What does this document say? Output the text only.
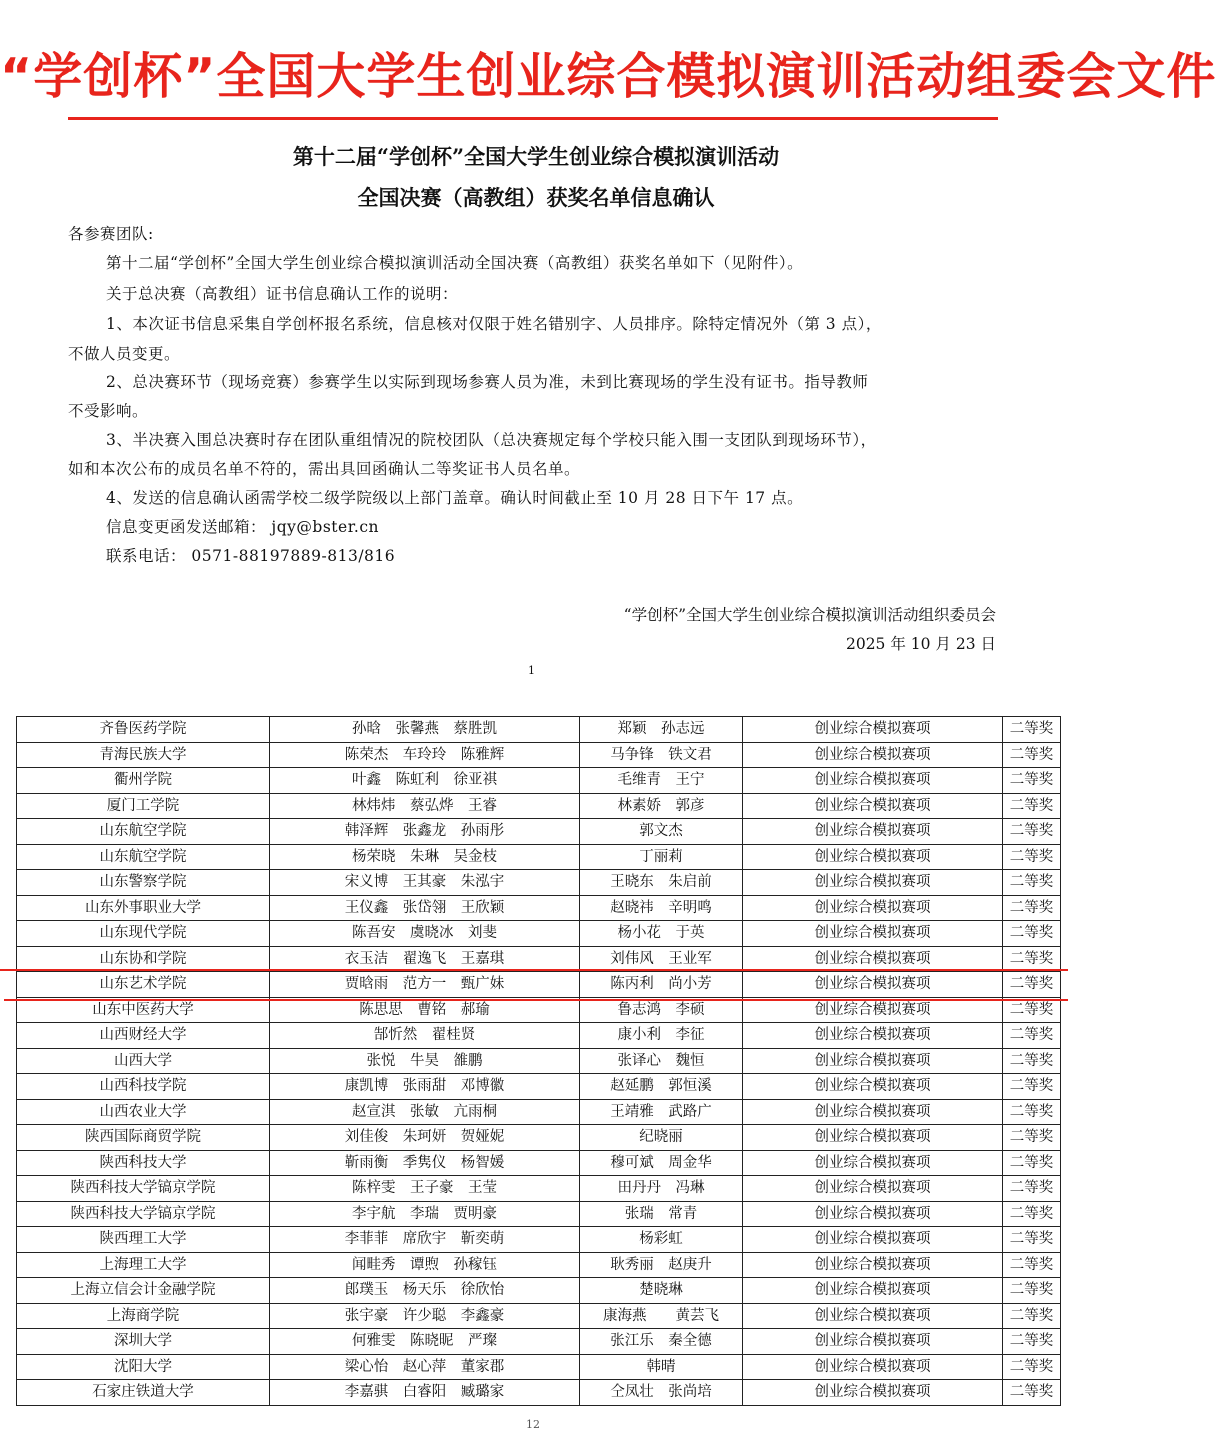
“学创杯”全国大学生创业综合模拟演训活动组委会文件
第十二届“学创杯”全国大学生创业综合模拟演训活动
全国决赛（高教组）获奖名单信息确认
各参赛团队:
第十二届“学创杯”全国大学生创业综合模拟演训活动全国决赛（高教组）获奖名单如下（见附件）。
关于总决赛（高教组）证书信息确认工作的说明：
1、本次证书信息采集自学创杯报名系统，信息核对仅限于姓名错别字、人员排序。除特定情况外（第 3 点），
不做人员变更。
2、总决赛环节（现场竞赛）参赛学生以实际到现场参赛人员为准，未到比赛现场的学生没有证书。指导教师
不受影响。
3、半决赛入围总决赛时存在团队重组情况的院校团队（总决赛规定每个学校只能入围一支团队到现场环节），
如和本次公布的成员名单不符的，需出具回函确认二等奖证书人员名单。
4、发送的信息确认函需学校二级学院级以上部门盖章。确认时间截止至 10 月 28 日下午 17 点。
信息变更函发送邮箱： jqy@bster.cn
联系电话： 0571-88197889-813/816
“学创杯”全国大学生创业综合模拟演训活动组织委员会
2025 年 10 月 23 日
1
齐鲁医药学院	孙晗　张馨燕　蔡胜凯	郑颖　孙志远	创业综合模拟赛项	二等奖
青海民族大学	陈荣杰　车玲玲　陈雅辉	马争锋　铁文君	创业综合模拟赛项	二等奖
衢州学院	叶鑫　陈虹利　徐亚祺	毛维青　王宁	创业综合模拟赛项	二等奖
厦门工学院	林炜炜　蔡弘烨　王睿	林素娇　郭彦	创业综合模拟赛项	二等奖
山东航空学院	韩泽辉　张鑫龙　孙雨彤	郭文杰	创业综合模拟赛项	二等奖
山东航空学院	杨荣晓　朱琳　吴金枝	丁丽莉	创业综合模拟赛项	二等奖
山东警察学院	宋义博　王其豪　朱泓宇	王晓东　朱启前	创业综合模拟赛项	二等奖
山东外事职业大学	王仪鑫　张岱翎　王欣颖	赵晓祎　辛明鸣	创业综合模拟赛项	二等奖
山东现代学院	陈吾安　虞晓冰　刘斐	杨小花　于英	创业综合模拟赛项	二等奖
山东协和学院	衣玉洁　翟逸飞　王嘉琪	刘伟风　王业军	创业综合模拟赛项	二等奖
山东艺术学院	贾晗雨　范方一　甄广妹	陈丙利　尚小芳	创业综合模拟赛项	二等奖
山东中医药大学	陈思思　曹铭　郝瑜	鲁志鸿　李硕	创业综合模拟赛项	二等奖
山西财经大学	郜忻然　翟桂贤	康小利　李征	创业综合模拟赛项	二等奖
山西大学	张悦　牛昊　雒鹏	张译心　魏恒	创业综合模拟赛项	二等奖
山西科技学院	康凯博　张雨甜　邓博徽	赵延鹏　郭恒溪	创业综合模拟赛项	二等奖
山西农业大学	赵宣淇　张敏　亢雨桐	王靖雅　武路广	创业综合模拟赛项	二等奖
陕西国际商贸学院	刘佳俊　朱珂妍　贺娅妮	纪晓丽	创业综合模拟赛项	二等奖
陕西科技大学	靳雨衡　季隽仪　杨智媛	穆可斌　周金华	创业综合模拟赛项	二等奖
陕西科技大学镐京学院	陈梓雯　王子豪　王莹	田丹丹　冯琳	创业综合模拟赛项	二等奖
陕西科技大学镐京学院	李宇航　李瑞　贾明豪	张瑞　常青	创业综合模拟赛项	二等奖
陕西理工大学	李菲菲　席欣宇　靳奕萌	杨彩虹	创业综合模拟赛项	二等奖
上海理工大学	闻畦秀　谭煦　孙稼钰	耿秀丽　赵庚升	创业综合模拟赛项	二等奖
上海立信会计金融学院	郎璞玉　杨天乐　徐欣怡	楚晓琳	创业综合模拟赛项	二等奖
上海商学院	张宇豪　许少聪　李鑫豪	康海燕　　黄芸飞	创业综合模拟赛项	二等奖
深圳大学	何雅雯　陈晓昵　严璨	张江乐　秦全德	创业综合模拟赛项	二等奖
沈阳大学	梁心怡　赵心萍　董家郡	韩晴	创业综合模拟赛项	二等奖
石家庄铁道大学	李嘉骐　白睿阳　臧璐家	仝凤壮　张尚培	创业综合模拟赛项	二等奖
12
